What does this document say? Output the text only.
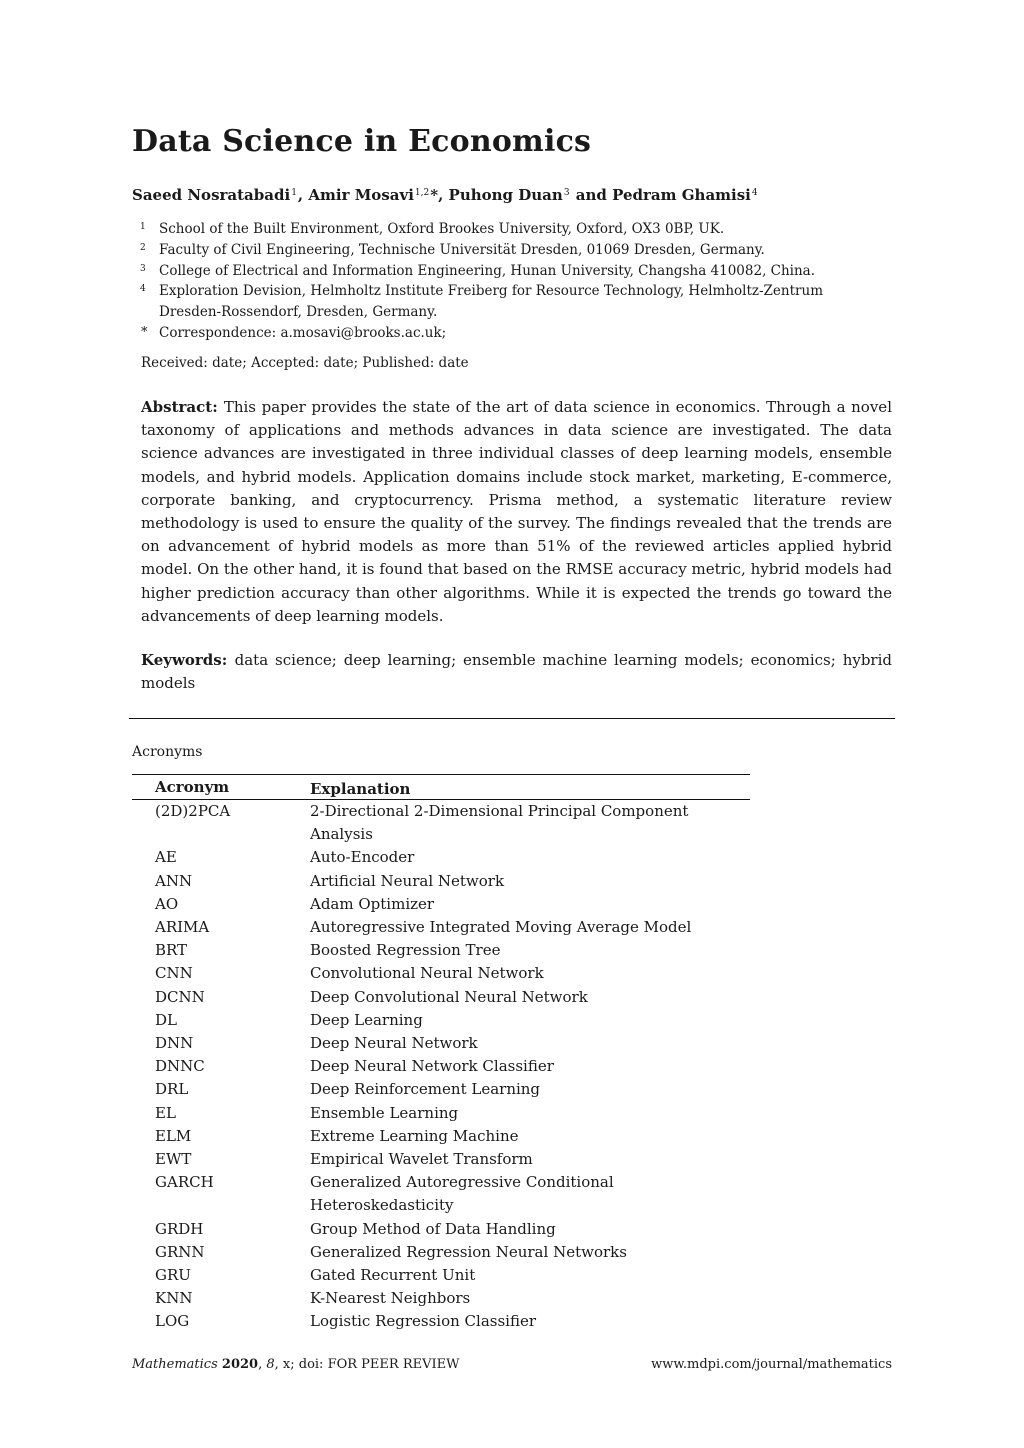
Data Science in Economics
Saeed Nosratabadi$^1$, Amir Mosavi$^{1,2}$*, Puhong Duan$^3$ and Pedram Ghamisi$^4$
1 School of the Built Environment, Oxford Brookes University, Oxford, OX3 0BP, UK.
2 Faculty of Civil Engineering, Technische Universität Dresden, 01069 Dresden, Germany.
3 College of Electrical and Information Engineering, Hunan University, Changsha 410082, China.
4 Exploration Devision, Helmholtz Institute Freiberg for Resource Technology, Helmholtz-Zentrum Dresden-Rossendorf, Dresden, Germany.
* Correspondence: a.mosavi@brooks.ac.uk;
Received: date; Accepted: date; Published: date

Abstract: This paper provides the state of the art of data science in economics. Through a novel taxonomy of applications and methods advances in data science are investigated. The data science advances are investigated in three individual classes of deep learning models, ensemble models, and hybrid models. Application domains include stock market, marketing, E-commerce, corporate banking, and cryptocurrency. Prisma method, a systematic literature review methodology is used to ensure the quality of the survey. The findings revealed that the trends are on advancement of hybrid models as more than 51% of the reviewed articles applied hybrid model. On the other hand, it is found that based on the RMSE accuracy metric, hybrid models had higher prediction accuracy than other algorithms. While it is expected the trends go toward the advancements of deep learning models.

Keywords: data science; deep learning; ensemble machine learning models; economics; hybrid models

Acronyms
Acronym	Explanation
(2D)2PCA	2-Directional 2-Dimensional Principal Component Analysis
AE	Auto-Encoder
ANN	Artificial Neural Network
AO	Adam Optimizer
ARIMA	Autoregressive Integrated Moving Average Model
BRT	Boosted Regression Tree
CNN	Convolutional Neural Network
DCNN	Deep Convolutional Neural Network
DL	Deep Learning
DNN	Deep Neural Network
DNNC	Deep Neural Network Classifier
DRL	Deep Reinforcement Learning
EL	Ensemble Learning
ELM	Extreme Learning Machine
EWT	Empirical Wavelet Transform
GARCH	Generalized Autoregressive Conditional Heteroskedasticity
GRDH	Group Method of Data Handling
GRNN	Generalized Regression Neural Networks
GRU	Gated Recurrent Unit
KNN	K-Nearest Neighbors
LOG	Logistic Regression Classifier
Mathematics 2020, 8, x; doi: FOR PEER REVIEW	www.mdpi.com/journal/mathematics
